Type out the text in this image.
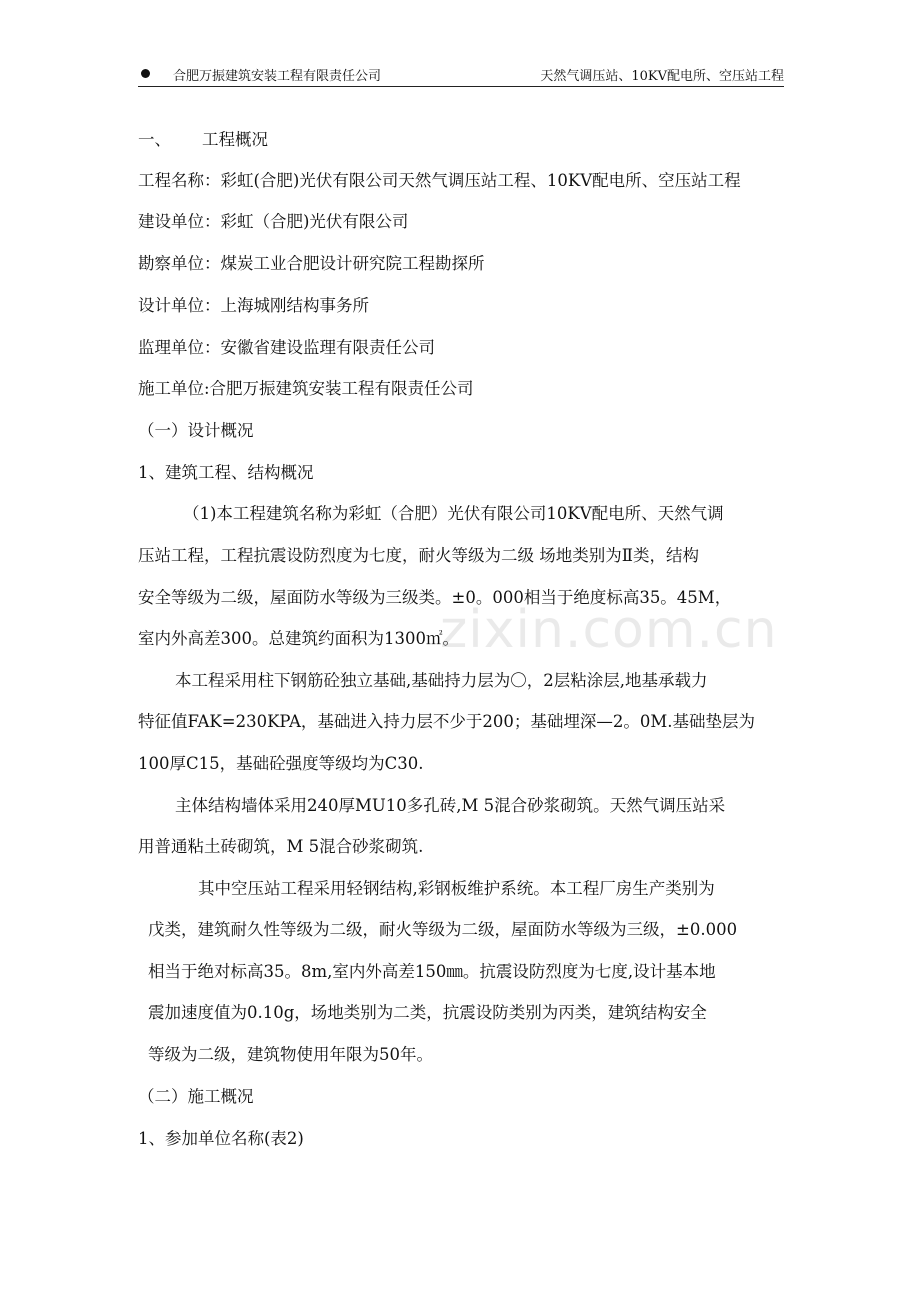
zixin.com.cn
合肥万振建筑安装工程有限责任公司	天然气调压站、10KV配电所、空压站工程
一、 工程概况
工程名称：彩虹(合肥)光伏有限公司天然气调压站工程、10KV配电所、空压站工程
建设单位：彩虹（合肥)光伏有限公司
勘察单位：煤炭工业合肥设计研究院工程勘探所
设计单位：上海城刚结构事务所
监理单位：安徽省建设监理有限责任公司
施工单位:合肥万振建筑安装工程有限责任公司
（一）设计概况
1、建筑工程、结构概况
（1)本工程建筑名称为彩虹（合肥）光伏有限公司10KV配电所、天然气调
压站工程，工程抗震设防烈度为七度，耐火等级为二级 场地类别为Ⅱ类，结构
安全等级为二级，屋面防水等级为三级类。±0。000相当于绝度标高35。45M，
室内外高差300。总建筑约面积为1300㎡。
本工程采用柱下钢筋砼独立基础,基础持力层为〇，2层粘涂层,地基承载力
特征值FAK=230KPA，基础进入持力层不少于200；基础埋深—2。0M.基础垫层为
100厚C15，基础砼强度等级均为C30.
主体结构墙体采用240厚MU10多孔砖,M 5混合砂浆砌筑。天然气调压站采
用普通粘土砖砌筑，M 5混合砂浆砌筑.
其中空压站工程采用轻钢结构,彩钢板维护系统。本工程厂房生产类别为
戊类，建筑耐久性等级为二级，耐火等级为二级，屋面防水等级为三级，±0.000
相当于绝对标高35。8m,室内外高差150㎜。抗震设防烈度为七度,设计基本地
震加速度值为0.10g，场地类别为二类，抗震设防类别为丙类，建筑结构安全
等级为二级，建筑物使用年限为50年。
（二）施工概况
1、参加单位名称(表2)
